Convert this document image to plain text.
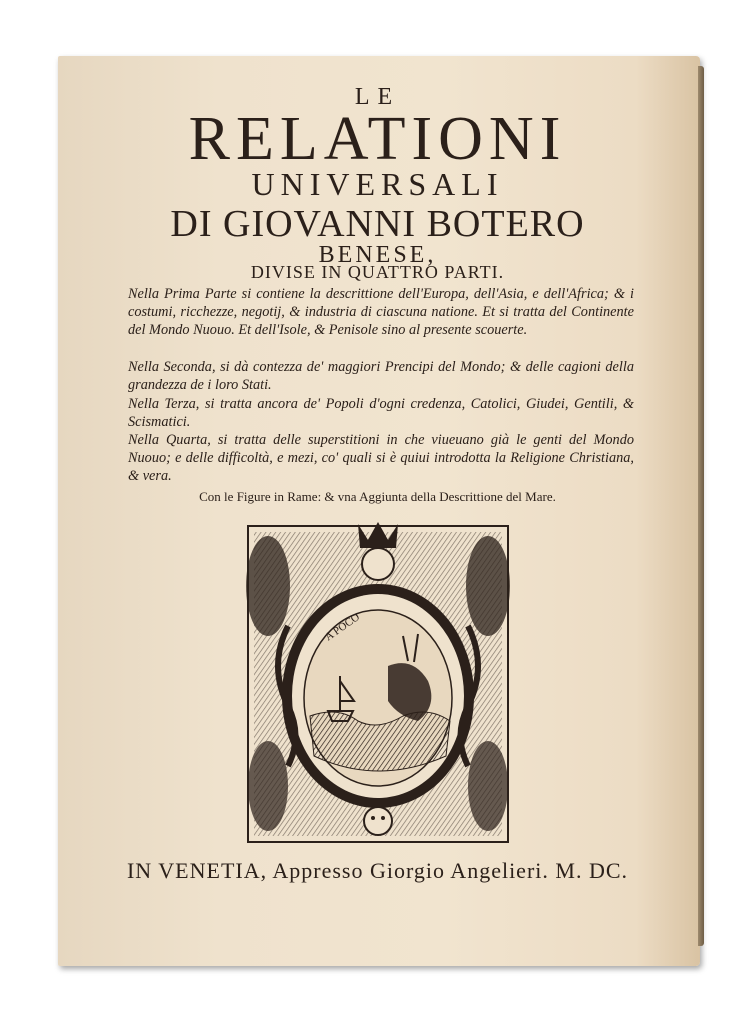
LE
RELATIONI
UNIVERSALI
DI GIOVANNI BOTERO
BENESE,
DIVISE IN QUATTRO PARTI.
Nella Prima Parte si contiene la descrittione dell'Europa, dell'Asia, e dell'Africa; & i costumi, ricchezze, negotij, & industria di ciascuna natione. Et si tratta del Continente del Mondo Nuouo. Et dell'Isole, & Penisole sino al presente scouerte.
Nella Seconda, si dà contezza de' maggiori Prencipi del Mondo; & delle cagioni della grandezza de i loro Stati.
Nella Terza, si tratta ancora de' Popoli d'ogni credenza, Catolici, Giudei, Gentili, & Scismatici.
Nella Quarta, si tratta delle superstitioni in che viueuano già le genti del Mondo Nuouo; e delle difficoltà, e mezi, co' quali si è quiui introdotta la Religione Christiana, & vera.
Con le Figure in Rame: & vna Aggiunta della Descrittione del Mare.
A POCO
IN VENETIA, Appresso Giorgio Angelieri. M. DC.
